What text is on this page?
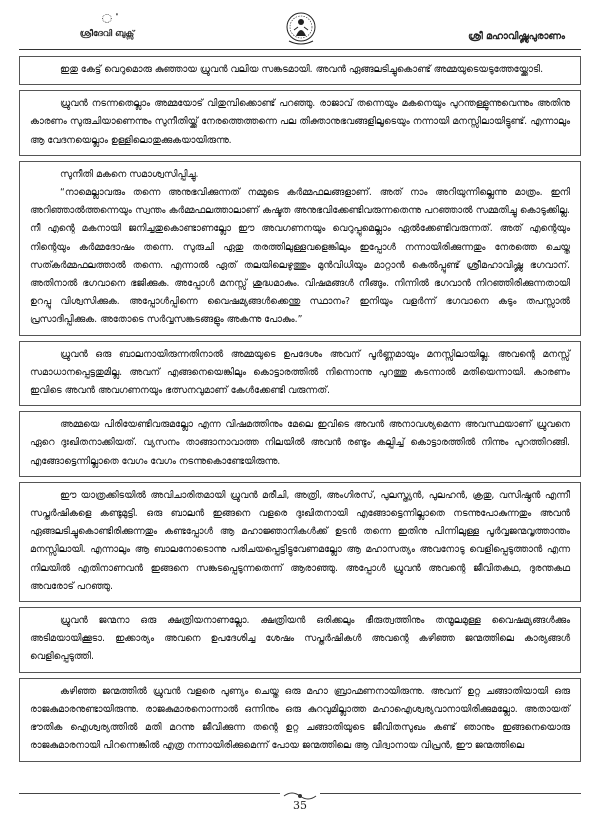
ൎ
ശ്രീദേവി ബുക്സ്	ശ്രീ മഹാവിഷ്ണുപുരാണം

ഇതു കേട്ട് വെറുമൊരു കുഞ്ഞായ ധ്രുവന്‍ വലിയ സങ്കടമായി. അവന്‍ ഏങ്ങലടിച്ചുകൊണ്ട് അമ്മയുടെയടുത്തേയ്ക്കോടി.

ധ്രുവന്‍ നടന്നതെല്ലാം അമ്മയോട് വിതുമ്പിക്കൊണ്ട് പറഞ്ഞു. രാജാവ് തന്നെയും മകനെയും പുറന്തള്ളുന്നുവെന്നും അതിനു കാരണം സുരുചിയാണെന്നും സുനീതിയ്ക്ക് നേരത്തെത്തന്നെ പല തിക്താനുഭവങ്ങളിലൂടെയും നന്നായി മനസ്സിലായിട്ടുണ്ട്. എന്നാലും ആ വേദനയെല്ലാം ഉള്ളിലൊതുക്കുകയായിരുന്നു.

സുനീതി മകനെ സമാശ്വസിപ്പിച്ചു.

“നാമെല്ലാവരും തന്നെ അനുഭവിക്കുന്നത് നമ്മുടെ കര്‍മ്മഫലങ്ങളാണ്. അത് നാം അറിയുന്നില്ലെന്നു മാത്രം. ഇനി അറിഞ്ഞാല്‍ത്തന്നെയും സ്വന്തം കര്‍മ്മഫലത്താലാണ് കഷ്ടത അനുഭവിക്കേണ്ടിവരുന്നതെന്നു പറഞ്ഞാല്‍ സമ്മതിച്ചു കൊടുക്കില്ല. നീ എന്റെ മകനായി ജനിച്ചതുകൊണ്ടാണല്ലോ ഈ അവഗണനയും വെറുപ്പുമെല്ലാം ഏല്‍ക്കേണ്ടിവരുന്നത്. അത് എന്റെയും നിന്റെയും കര്‍മ്മദോഷം തന്നെ. സുരുചി ഏതു തരത്തിലുള്ളവളെങ്കിലും ഇപ്പോള്‍ നന്നായിരിക്കുന്നതും നേരത്തെ ചെയ്ത സത്കര്‍മ്മഫലത്താല്‍ തന്നെ. എന്നാല്‍ ഏത് തലയിലെഴുത്തും മുന്‍വിധിയും മാറ്റാന്‍ കെല്‍പ്പുണ്ട് ശ്രീമഹാവിഷ്ണു ഭഗവാന്. അതിനാല്‍ ഭഗവാനെ ഭജിക്കുക. അപ്പോള്‍ മനസ്സ് ശുദ്ധമാകും. വിഷമങ്ങള്‍ നീങ്ങും. നിന്നില്‍ ഭഗവാന്‍ നിറഞ്ഞിരിക്കുന്നതായി ഉറപ്പു വിശ്വസിക്കുക. അപ്പോള്‍പ്പിന്നെ വൈഷമ്യങ്ങള്‍ക്കെന്തു സ്ഥാനം? ഇനിയും വളര്‍ന്ന് ഭഗവാനെ കടും തപസ്സാല്‍ പ്രസാദിപ്പിക്കുക. അതോടെ സര്‍വ്വസങ്കടങ്ങളും അകന്നു പോകും.”

ധ്രുവന്‍ ഒരു ബാലനായിരുന്നതിനാല്‍ അമ്മയുടെ ഉപദേശം അവന് പൂര്‍ണ്ണമായും മനസ്സിലായില്ല. അവന്റെ മനസ്സ് സമാധാനപ്പെട്ടതുമില്ല. അവന് എങ്ങനെയെങ്കിലും കൊട്ടാരത്തില്‍ നിന്നൊന്നു പുറത്തു കടന്നാല്‍ മതിയെന്നായി. കാരണം ഇവിടെ അവന്‍ അവഗണനയും ഭത്സനവുമാണ് കേള്‍ക്കേണ്ടി വരുന്നത്.

അമ്മയെ പിരിയേണ്ടിവരുമല്ലോ എന്ന വിഷമത്തിനും മേലെ ഇവിടെ അവന്‍ അനാവശ്യമെന്ന അവസ്ഥയാണ് ധ്രുവനെ ഏറെ ദുഃഖിതനാക്കിയത്. വ്യസനം താങ്ങാനാവാത്ത നിലയില്‍ അവന്‍ രണ്ടും കല്പിച്ച് കൊട്ടാരത്തില്‍ നിന്നും പുറത്തിറങ്ങി. എങ്ങോട്ടെന്നില്ലാതെ വേഗം വേഗം നടന്നുകൊണ്ടേയിരുന്നു.

ഈ യാത്രക്കിടയില്‍ അവിചാരിതമായി ധ്രുവന്‍ മരീചി, അത്രി, അംഗിരസ്, പുലസ്ത്യന്‍, പുലഹന്‍, ക്രതു, വസിഷ്ഠന്‍ എന്നീ സപ്തര്‍ഷികളെ കണ്ടുമുട്ടി. ഒരു ബാലന്‍ ഇങ്ങനെ വളരെ ദുഃഖിതനായി എങ്ങോട്ടെന്നില്ലാതെ നടന്നുപോകുന്നതും അവന്‍ ഏങ്ങലടിച്ചുകൊണ്ടിരിക്കുന്നതും കണ്ടപ്പോള്‍ ആ മഹാജ്ഞാനികള്‍ക്ക് ഉടന്‍ തന്നെ ഇതിനു പിന്നിലുള്ള പൂര്‍വ്വജന്മവൃത്താന്തം മനസ്സിലായി. എന്നാലും ആ ബാലനോടൊന്നു പരിചയപ്പെട്ടിട്ടുവേണമല്ലോ ആ മഹാസത്യം അവനോടു വെളിപ്പെടുത്താന്‍ എന്ന നിലയില്‍ എതിനാണവന്‍ ഇങ്ങനെ സങ്കടപ്പെടുന്നതെന്ന് ആരാഞ്ഞു. അപ്പോള്‍ ധ്രുവന്‍ അവന്റെ ജീവിതകഥ, ദുരന്തകഥ അവരോട് പറഞ്ഞു.

ധ്രുവന്‍ ജന്മനാ ഒരു ക്ഷത്രിയനാണല്ലോ. ക്ഷത്രിയന്‍ ഒരിക്കലും ഭീരുത്വത്തിനും തന്മൂലമുള്ള വൈഷമ്യങ്ങള്‍ക്കും അടിമയായിക്കൂടാ. ഇക്കാര്യം അവനെ ഉപദേശിച്ച ശേഷം സപ്തര്‍ഷികള്‍ അവന്റെ കഴിഞ്ഞ ജന്മത്തിലെ കാര്യങ്ങള്‍ വെളിപ്പെടുത്തി.

കഴിഞ്ഞ ജന്മത്തില്‍ ധ്രുവന്‍ വളരെ പുണ്യം ചെയ്ത ഒരു മഹാ ബ്രാഹ്മണനായിരുന്നു. അവന് ഉറ്റ ചങ്ങാതിയായി ഒരു രാജകുമാരനുണ്ടായിരുന്നു. രാജകുമാരനൊന്നാല്‍ ഒന്നിനും ഒരു കുറവുമില്ലാത്ത മഹാഐശ്വര്യവാനായിരിക്കുമല്ലോ. അതായത് ഭൗതിക ഐശ്വര്യത്തില്‍ മതി മറന്നു ജീവിക്കുന്ന തന്റെ ഉറ്റ ചങ്ങാതിയുടെ ജീവിതസുഖം കണ്ട് ഞാനും ഇങ്ങനെയൊരു രാജകുമാരനായി പിറന്നെങ്കില്‍ എത്ര നന്നായിരിക്കുമെന്ന് പോയ ജന്മത്തിലെ ആ വിദ്വാനായ വിപ്രന്‍, ഈ ജന്മത്തിലെ

35
